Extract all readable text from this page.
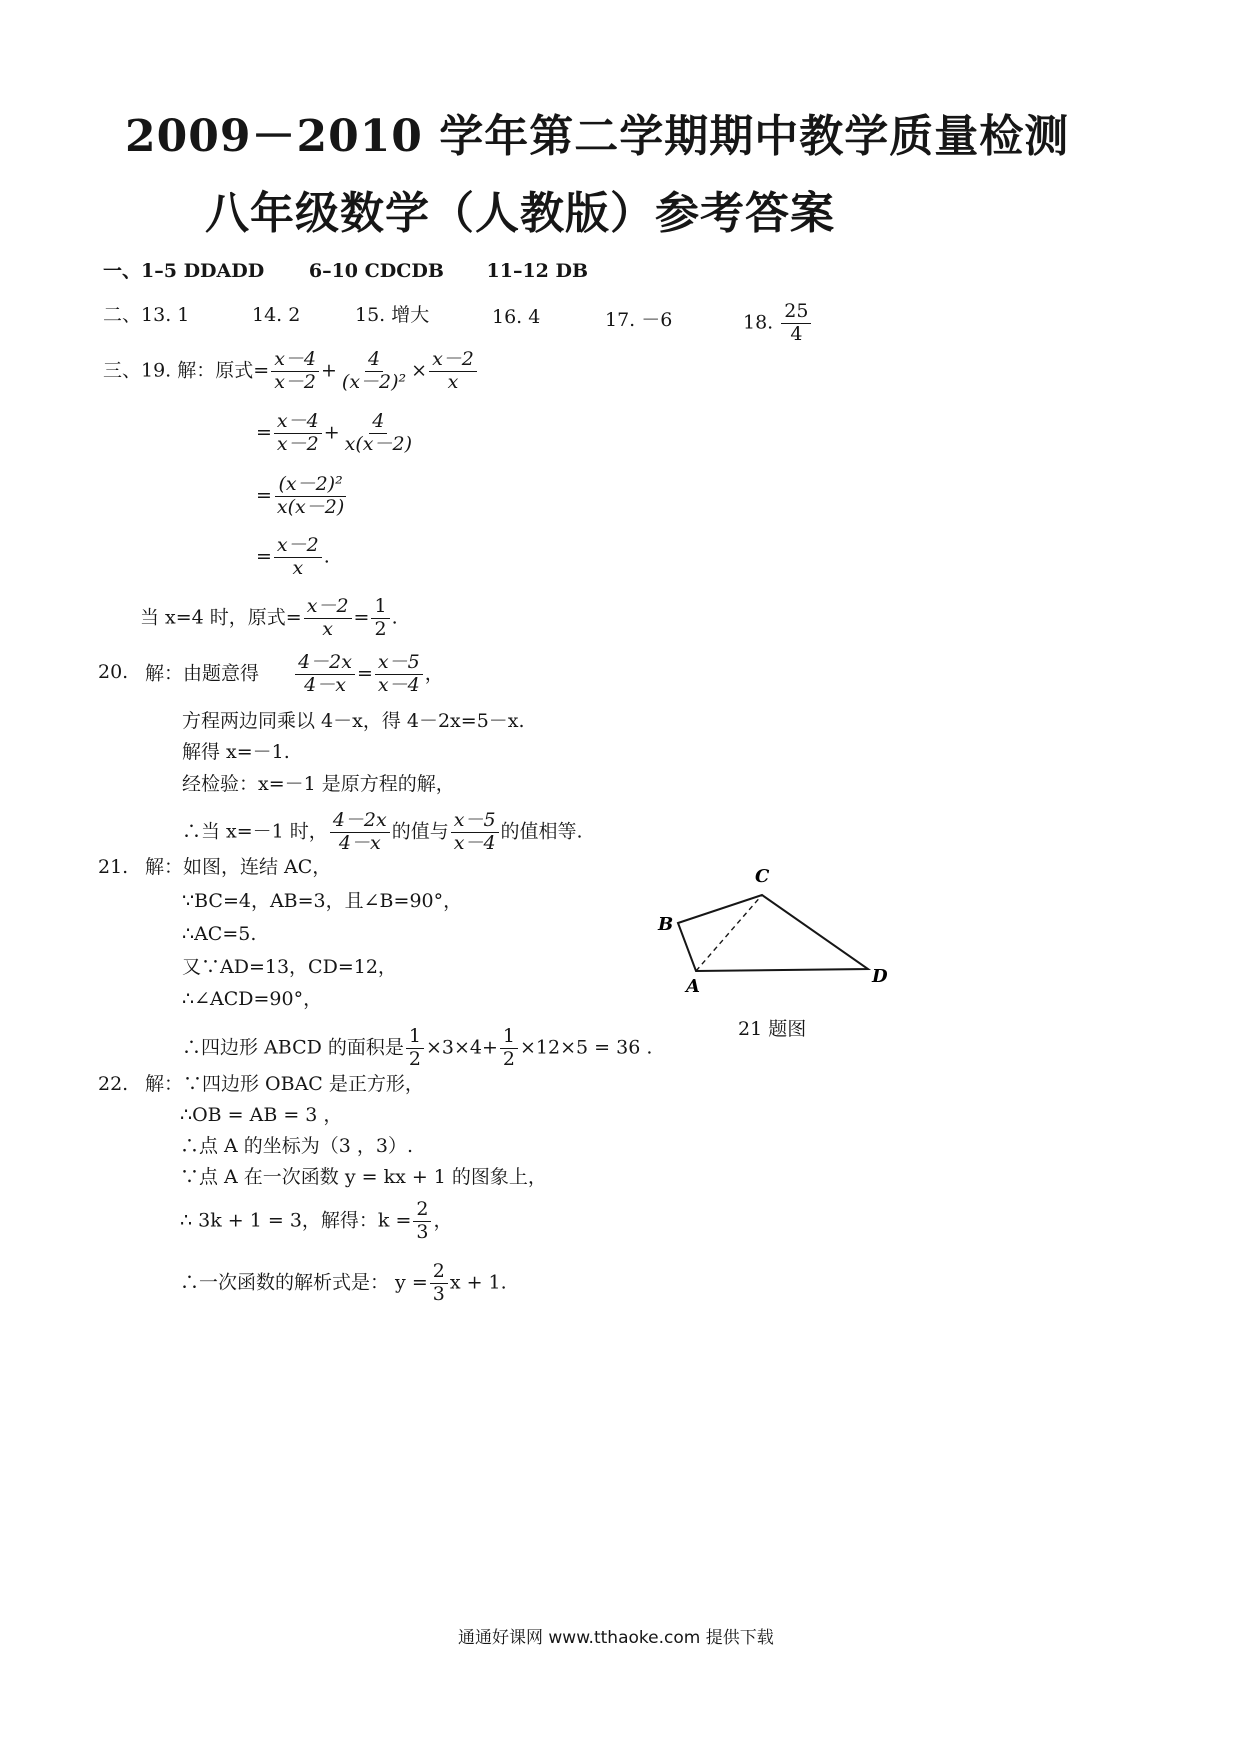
2009－2010 学年第二学期期中教学质量检测
八年级数学（人教版）参考答案
一、1–5 DDADD 6–10 CDCDB 11–12 DB
二、13. 1	14. 2	15. 增大	16. 4	17. －6	18. $\frac{25}{4}$
三、19. 解：原式= $\frac{x-4}{x-2} + \frac{4}{\text{(x－2)²}} \times \frac{x-2}{x}$
= $\frac{x-4}{x-2} + \frac{4}{x(x-2)}$
= $\frac{\text{(x－2)²}}{x(x-2)}$
= $\frac{x-2}{x}$ .
当 x=4 时，原式= $\frac{x-2}{x} = \frac{1}{2}$ .
20. 解：由题意得 $\frac{4-2x}{4-x} = \frac{x-5}{x-4}$ ，
方程两边同乘以 4－x，得 4－2x=5－x.
解得 x=－1.
经检验：x=－1 是原方程的解，
∴当 x=－1 时， $\frac{4-2x}{4-x}$ 的值与 $\frac{x-5}{x-4}$ 的值相等.
21. 解：如图，连结 AC，
∵BC=4，AB=3，且∠B=90°，
∴AC=5.
又∵AD=13，CD=12，
∴∠ACD=90°，
∴四边形 ABCD 的面积是 $\frac{1}{2} \times 3\times 4+ \frac{1}{2} \times 12\times 5 = 36$ .
B
C
A	D
21 题图
22. 解：∵四边形 OBAC 是正方形，
∴OB = AB = 3 ，
∴点 A 的坐标为（3 ，3）.
∵点 A 在一次函数 y = kx + 1 的图象上，
∴ 3k + 1 = 3，解得：$k = \frac{2}{3}$ ，
∴一次函数的解析式是： $y = \frac{2}{3}$ x + 1.
通通好课网 www.tthaoke.com 提供下载
